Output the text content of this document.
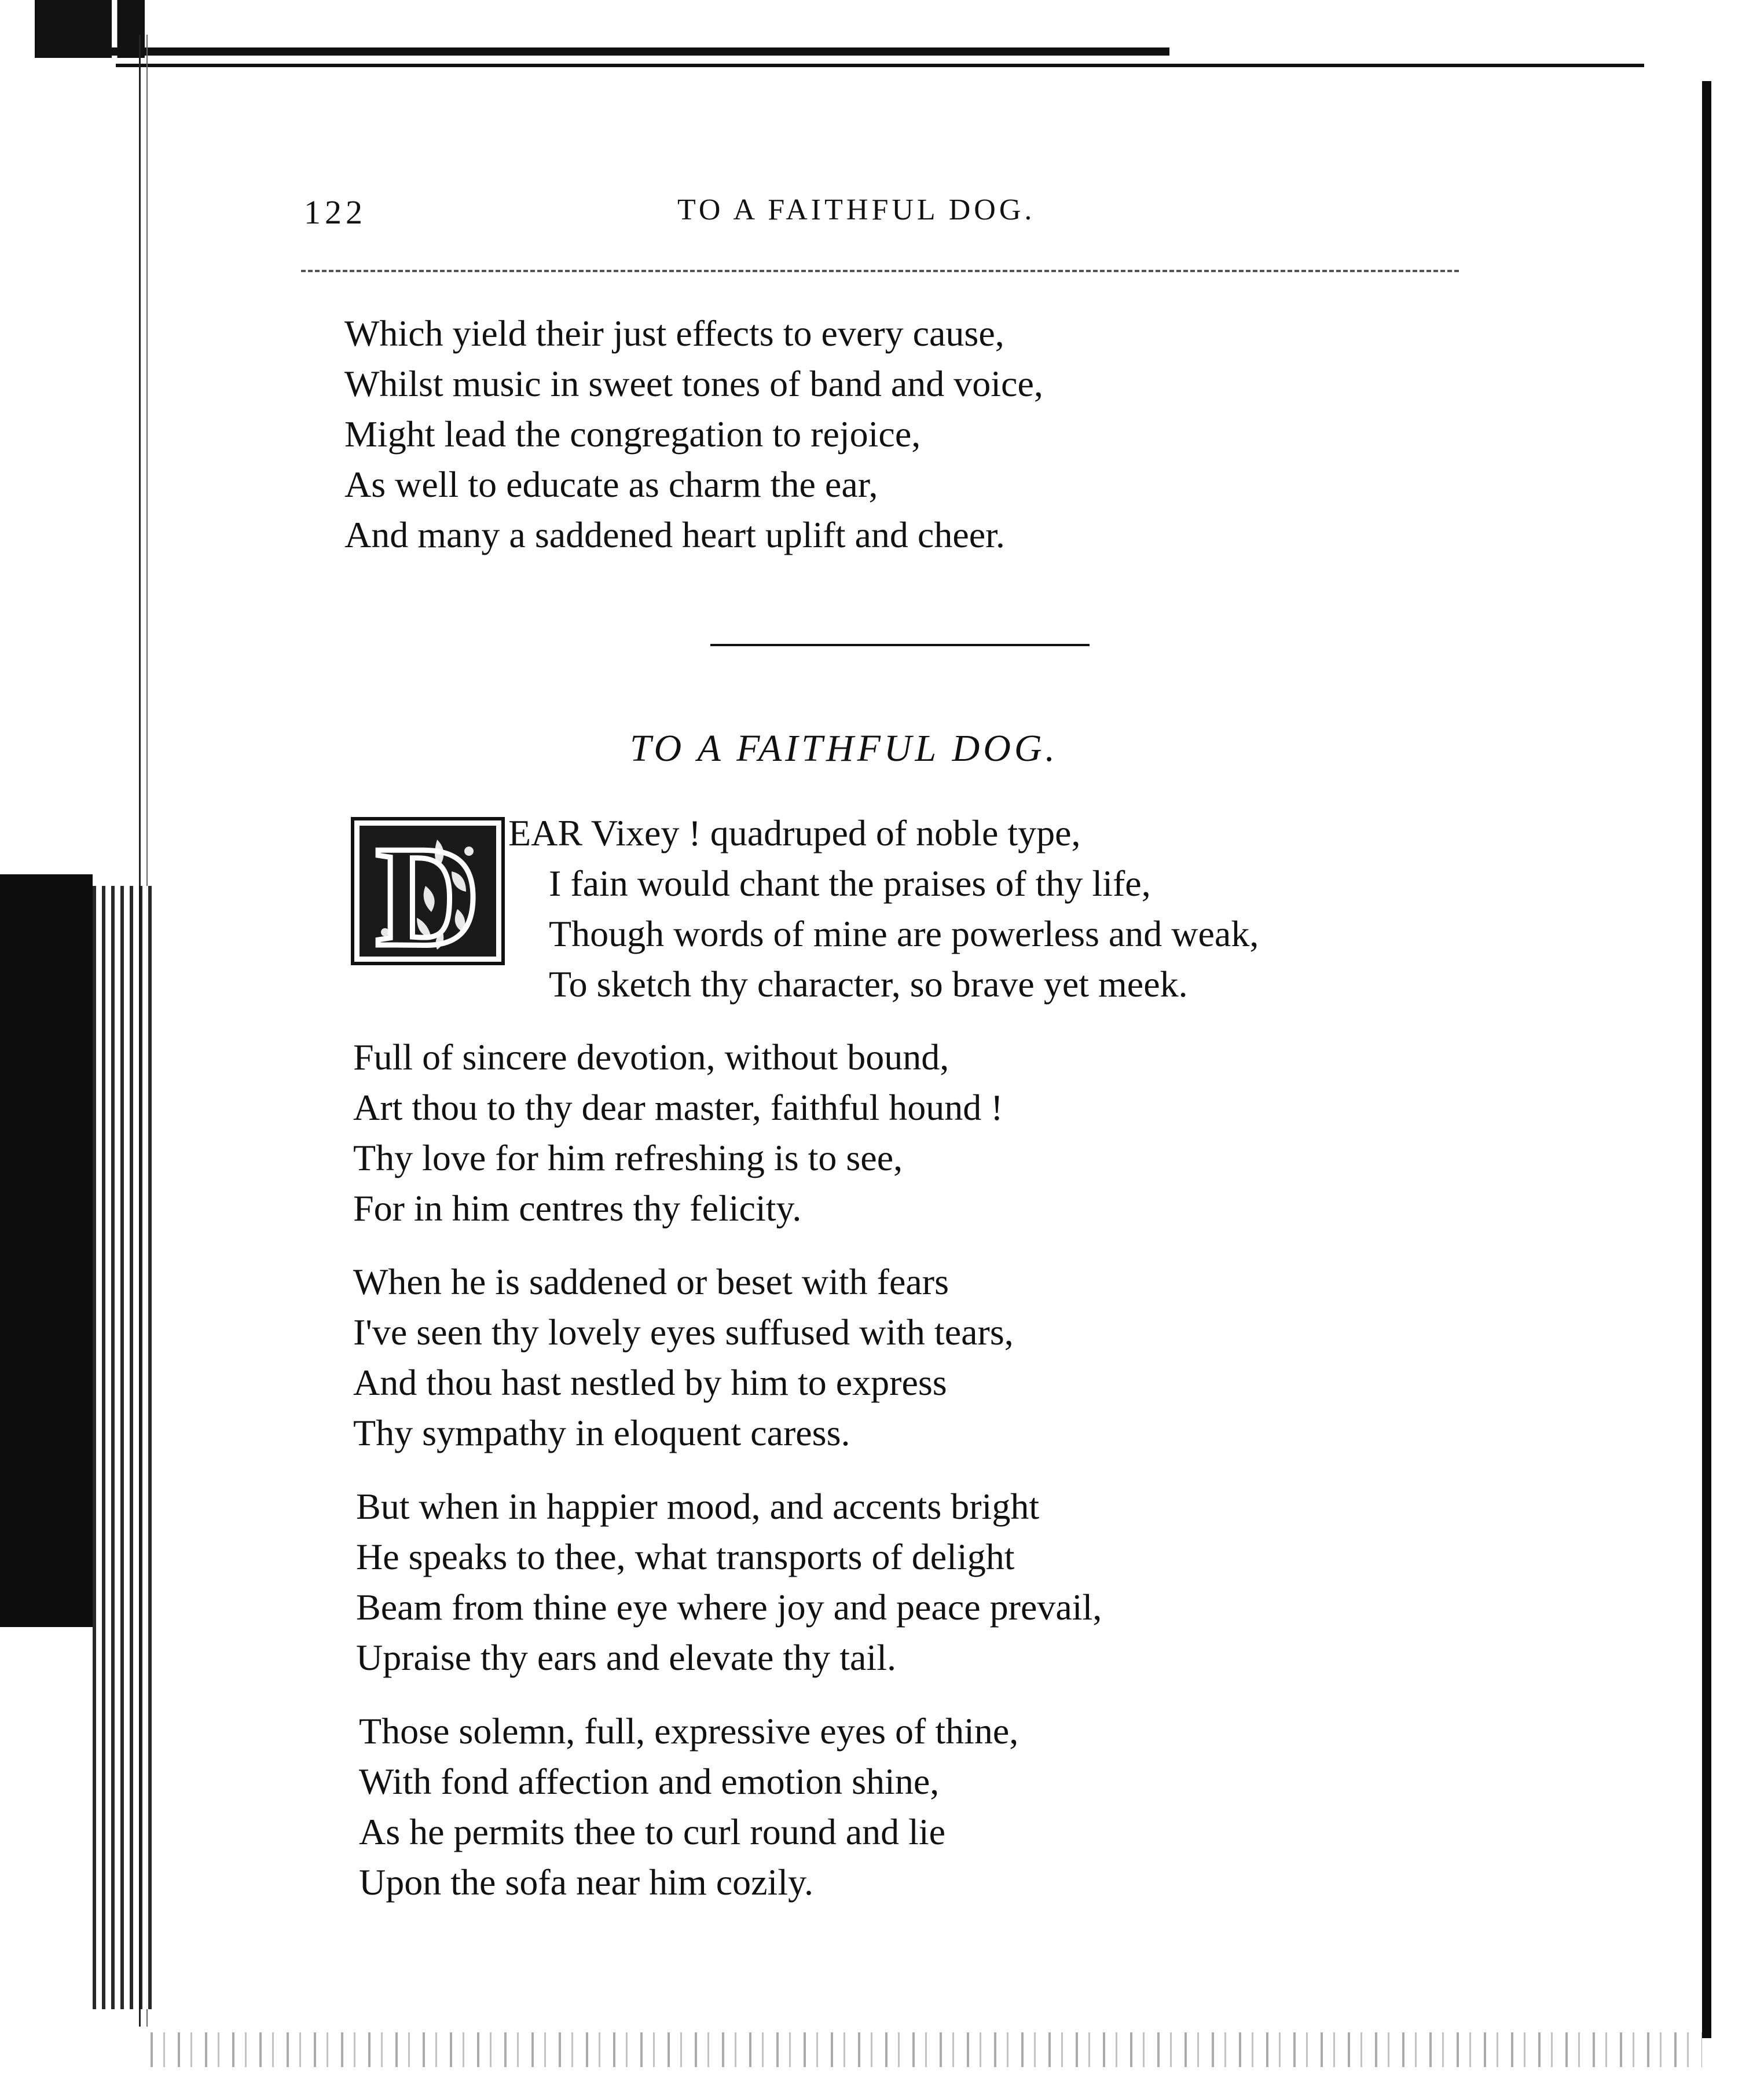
122	TO A FAITHFUL DOG.
Which yield their just effects to every cause,
Whilst music in sweet tones of band and voice,
Might lead the congregation to rejoice,
As well to educate as charm the ear,
And many a saddened heart uplift and cheer.
TO A FAITHFUL DOG.
D EAR Vixey ! quadruped of noble type,
I fain would chant the praises of thy life,
Though words of mine are powerless and weak,
To sketch thy character, so brave yet meek.
Full of sincere devotion, without bound,
Art thou to thy dear master, faithful hound !
Thy love for him refreshing is to see,
For in him centres thy felicity.
When he is saddened or beset with fears
I've seen thy lovely eyes suffused with tears,
And thou hast nestled by him to express
Thy sympathy in eloquent caress.
But when in happier mood, and accents bright
He speaks to thee, what transports of delight
Beam from thine eye where joy and peace prevail,
Upraise thy ears and elevate thy tail.
Those solemn, full, expressive eyes of thine,
With fond affection and emotion shine,
As he permits thee to curl round and lie
Upon the sofa near him cozily.
